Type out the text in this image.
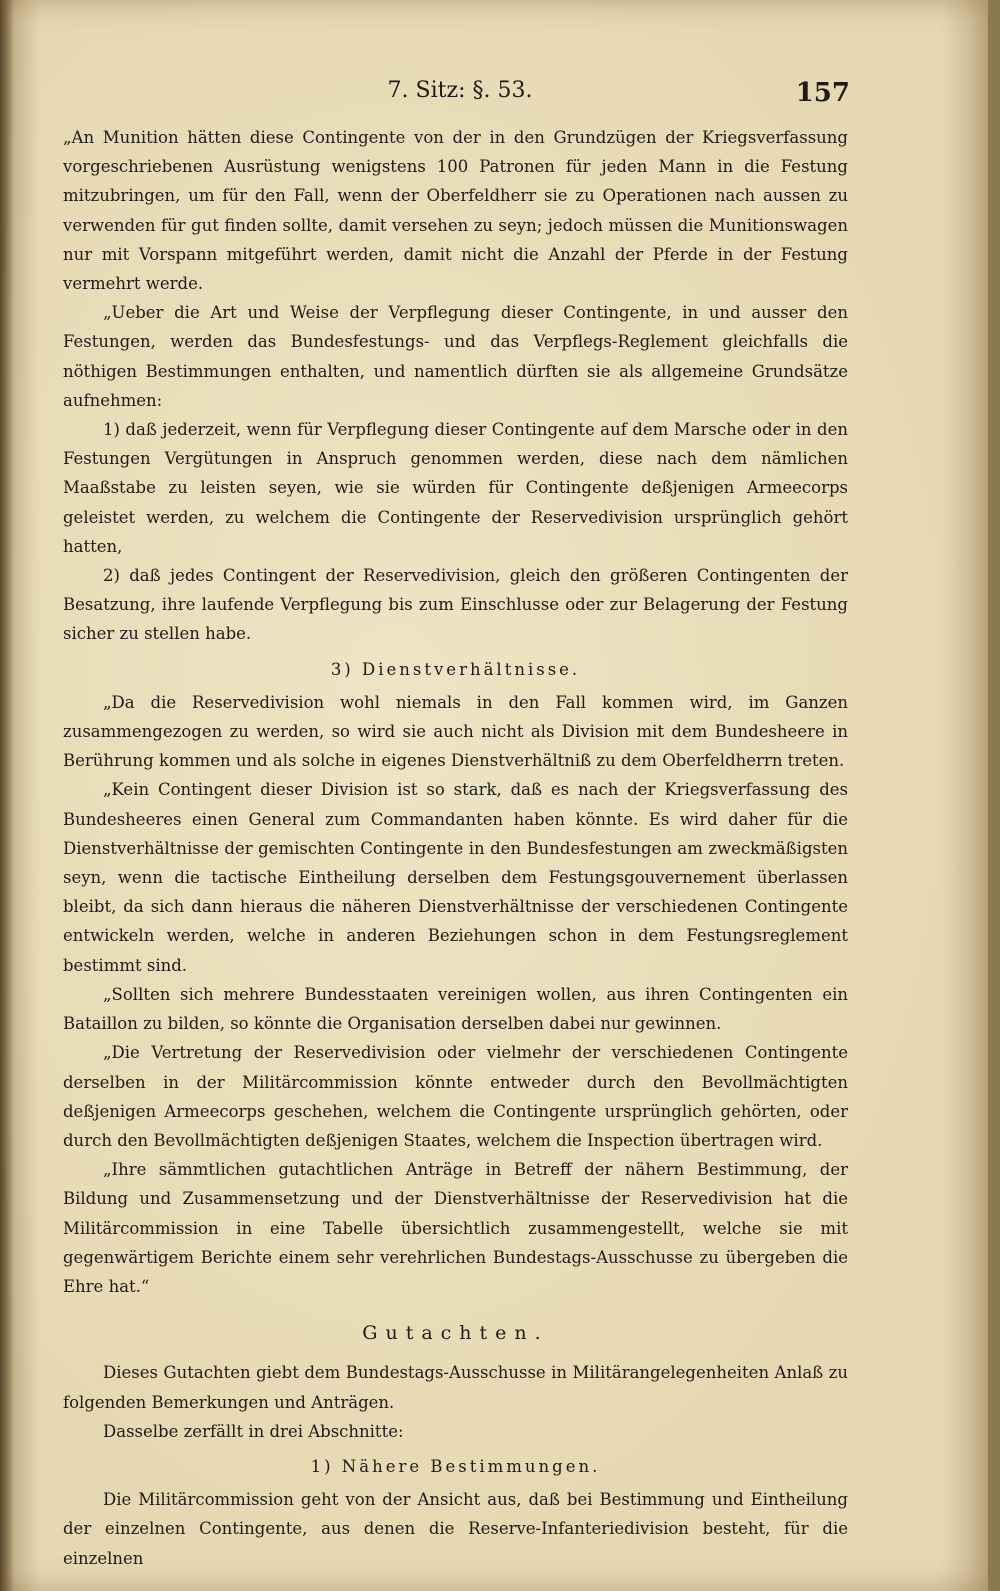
7. Sitz: §. 53.	157

„An Munition hätten diese Contingente von der in den Grundzügen der Kriegsverfassung vorgeschriebenen Ausrüstung wenigstens 100 Patronen für jeden Mann in die Festung mitzubringen, um für den Fall, wenn der Oberfeldherr sie zu Operationen nach aussen zu verwenden für gut finden sollte, damit versehen zu seyn; jedoch müssen die Munitionswagen nur mit Vorspann mitgeführt werden, damit nicht die Anzahl der Pferde in der Festung vermehrt werde.

„Ueber die Art und Weise der Verpflegung dieser Contingente, in und ausser den Festungen, werden das Bundesfestungs- und das Verpflegs-Reglement gleichfalls die nöthigen Bestimmungen enthalten, und namentlich dürften sie als allgemeine Grundsätze aufnehmen:

1) daß jederzeit, wenn für Verpflegung dieser Contingente auf dem Marsche oder in den Festungen Vergütungen in Anspruch genommen werden, diese nach dem nämlichen Maaßstabe zu leisten seyen, wie sie würden für Contingente deßjenigen Armeecorps geleistet werden, zu welchem die Contingente der Reservedivision ursprünglich gehört hatten,

2) daß jedes Contingent der Reservedivision, gleich den größeren Contingenten der Besatzung, ihre laufende Verpflegung bis zum Einschlusse oder zur Belagerung der Festung sicher zu stellen habe.

3) Dienstverhältnisse.

„Da die Reservedivision wohl niemals in den Fall kommen wird, im Ganzen zusammengezogen zu werden, so wird sie auch nicht als Division mit dem Bundesheere in Berührung kommen und als solche in eigenes Dienstverhältniß zu dem Oberfeldherrn treten.

„Kein Contingent dieser Division ist so stark, daß es nach der Kriegsverfassung des Bundesheeres einen General zum Commandanten haben könnte. Es wird daher für die Dienstverhältnisse der gemischten Contingente in den Bundesfestungen am zweckmäßigsten seyn, wenn die tactische Eintheilung derselben dem Festungsgouvernement überlassen bleibt, da sich dann hieraus die näheren Dienstverhältnisse der verschiedenen Contingente entwickeln werden, welche in anderen Beziehungen schon in dem Festungsreglement bestimmt sind.

„Sollten sich mehrere Bundesstaaten vereinigen wollen, aus ihren Contingenten ein Bataillon zu bilden, so könnte die Organisation derselben dabei nur gewinnen.

„Die Vertretung der Reservedivision oder vielmehr der verschiedenen Contingente derselben in der Militärcommission könnte entweder durch den Bevollmächtigten deßjenigen Armeecorps geschehen, welchem die Contingente ursprünglich gehörten, oder durch den Bevollmächtigten deßjenigen Staates, welchem die Inspection übertragen wird.

„Ihre sämmtlichen gutachtlichen Anträge in Betreff der nähern Bestimmung, der Bildung und Zusammensetzung und der Dienstverhältnisse der Reservedivision hat die Militärcommission in eine Tabelle übersichtlich zusammengestellt, welche sie mit gegenwärtigem Berichte einem sehr verehrlichen Bundestags-Ausschusse zu übergeben die Ehre hat.“

Gutachten.

Dieses Gutachten giebt dem Bundestags-Ausschusse in Militärangelegenheiten Anlaß zu folgenden Bemerkungen und Anträgen.

Dasselbe zerfällt in drei Abschnitte:

1) Nähere Bestimmungen.

Die Militärcommission geht von der Ansicht aus, daß bei Bestimmung und Eintheilung der einzelnen Contingente, aus denen die Reserve-Infanteriedivision besteht, für die einzelnen
